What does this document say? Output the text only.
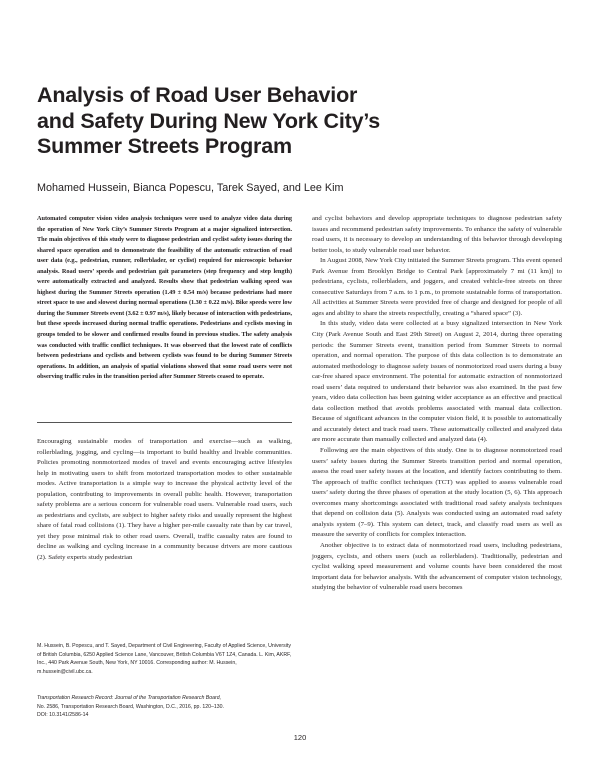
Analysis of Road User Behavior
and Safety During New York City’s
Summer Streets Program
Mohamed Hussein, Bianca Popescu, Tarek Sayed, and Lee Kim
Automated computer vision video analysis techniques were used to analyze video data during the operation of New York City’s Summer Streets Program at a major signalized intersection. The main objectives of this study were to diagnose pedestrian and cyclist safety issues during the shared space operation and to demonstrate the feasibility of the automatic extraction of road user data (e.g., pedestrian, runner, rollerblader, or cyclist) required for microscopic behavior analysis. Road users’ speeds and pedestrian gait parameters (step frequency and step length) were automatically extracted and analyzed. Results show that pedestrian walking speed was highest during the Summer Streets operation (1.49 ± 0.54 m/s) because pedestrians had more street space to use and slowest during normal operations (1.30 ± 0.22 m/s). Bike speeds were low during the Summer Streets event (3.62 ± 0.97 m/s), likely because of interaction with pedestrians, but these speeds increased during normal traffic operations. Pedestrians and cyclists moving in groups tended to be slower and confirmed results found in previous studies. The safety analysis was conducted with traffic conflict techniques. It was observed that the lowest rate of conflicts between pedestrians and cyclists and between cyclists was found to be during Summer Streets operations. In addition, an analysis of spatial violations showed that some road users were not observing traffic rules in the transition period after Summer Streets ceased to operate.
Encouraging sustainable modes of transportation and exercise—such as walking, rollerblading, jogging, and cycling—is important to build healthy and livable communities. Policies promoting nonmotorized modes of travel and events encouraging active lifestyles help in motivating users to shift from motorized transportation modes to other sustainable modes. Active transportation is a simple way to increase the physical activity level of the population, contributing to improvements in overall public health. However, transportation safety problems are a serious concern for vulnerable road users. Vulnerable road users, such as pedestrians and cyclists, are subject to higher safety risks and usually represent the highest share of fatal road collisions (1). They have a higher per-mile casualty rate than by car travel, yet they pose minimal risk to other road users. Overall, traffic casualty rates are found to decline as walking and cycling increase in a community because drivers are more cautious (2). Safety experts study pedestrian
M. Hussein, B. Popescu, and T. Sayed, Department of Civil Engineering, Faculty of Applied Science, University of British Columbia, 6250 Applied Science Lane, Vancouver, British Columbia V6T 1Z4, Canada. L. Kim, AKRF, Inc., 440 Park Avenue South, New York, NY 10016. Corresponding author: M. Hussein, m.hussein@civil.ubc.ca.
Transportation Research Record: Journal of the Transportation Research Board,
No. 2586, Transportation Research Board, Washington, D.C., 2016, pp. 120–130.
DOI: 10.3141/2586-14

and cyclist behaviors and develop appropriate techniques to diagnose pedestrian safety issues and recommend pedestrian safety improvements. To enhance the safety of vulnerable road users, it is necessary to develop an understanding of this behavior through developing better tools, to study vulnerable road user behavior.

In August 2008, New York City initiated the Summer Streets program. This event opened Park Avenue from Brooklyn Bridge to Central Park [approximately 7 mi (11 km)] to pedestrians, cyclists, rollerbladers, and joggers, and created vehicle-free streets on three consecutive Saturdays from 7 a.m. to 1 p.m., to promote sustainable forms of transportation. All activities at Summer Streets were provided free of charge and designed for people of all ages and ability to share the streets respectfully, creating a “shared space” (3).

In this study, video data were collected at a busy signalized intersection in New York City (Park Avenue South and East 29th Street) on August 2, 2014, during three operating periods: the Summer Streets event, transition period from Summer Streets to normal operation, and normal operation. The purpose of this data collection is to demonstrate an automated methodology to diagnose safety issues of nonmotorized road users during a busy car-free shared space environment. The potential for automatic extraction of nonmotorized road users’ data required to understand their behavior was also examined. In the past few years, video data collection has been gaining wider acceptance as an effective and practical data collection method that avoids problems associated with manual data collection. Because of significant advances in the computer vision field, it is possible to automatically and accurately detect and track road users. These automatically collected and analyzed data are more accurate than manually collected and analyzed data (4).

Following are the main objectives of this study. One is to diagnose nonmotorized road users’ safety issues during the Summer Streets transition period and normal operation, assess the road user safety issues at the location, and identify factors contributing to them. The approach of traffic conflict techniques (TCT) was applied to assess vulnerable road users’ safety during the three phases of operation at the study location (5, 6). This approach overcomes many shortcomings associated with traditional road safety analysis techniques that depend on collision data (5). Analysis was conducted using an automated road safety analysis system (7–9). This system can detect, track, and classify road users as well as measure the severity of conflicts for complex interaction.

Another objective is to extract data of nonmotorized road users, including pedestrians, joggers, cyclists, and others users (such as rollerbladers). Traditionally, pedestrian and cyclist walking speed measurement and volume counts have been considered the most important data for behavior analysis. With the advancement of computer vision technology, studying the behavior of vulnerable road users becomes

120
